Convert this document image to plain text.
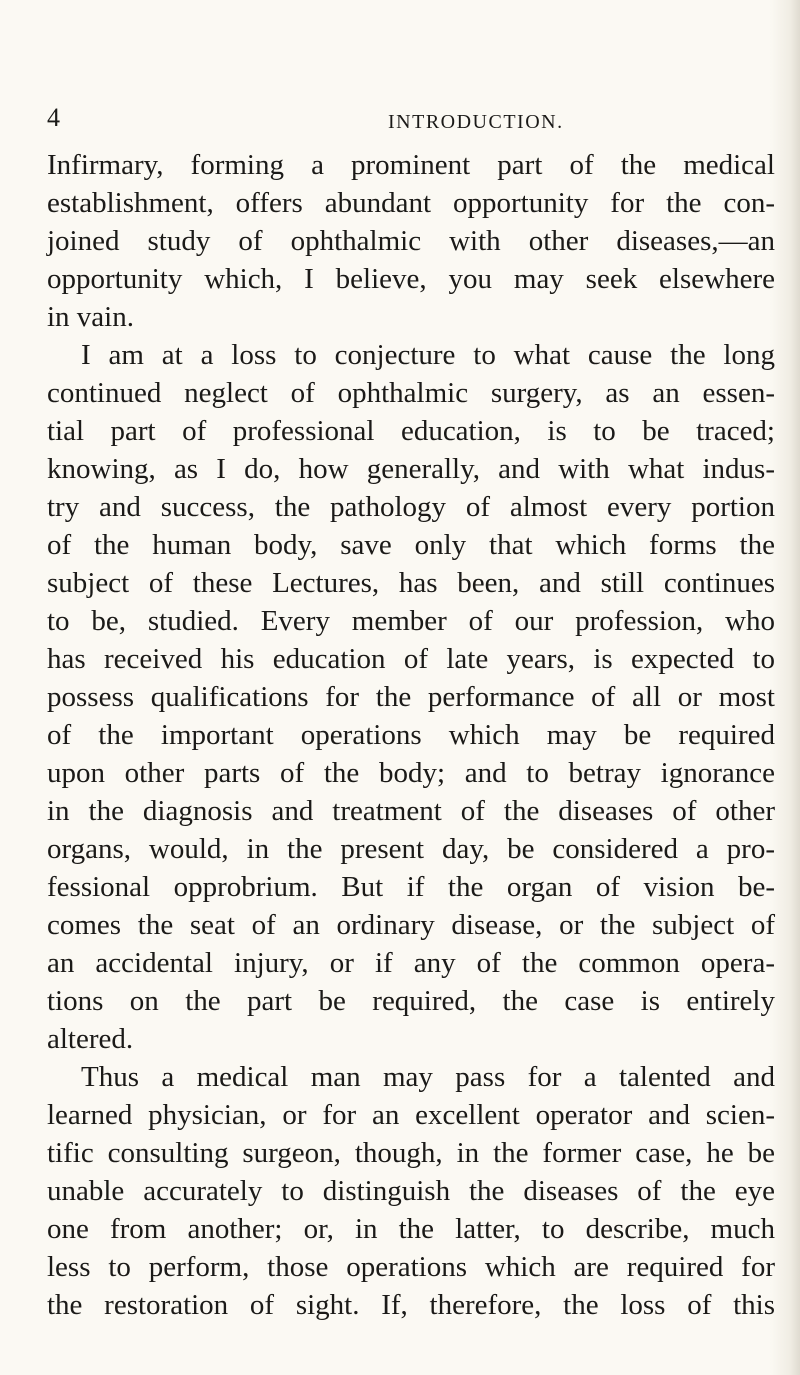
4	INTRODUCTION.
Infirmary, forming a prominent part of the medical
establishment, offers abundant opportunity for the con-
joined study of ophthalmic with other diseases,—an
opportunity which, I believe, you may seek elsewhere
in vain.
I am at a loss to conjecture to what cause the long
continued neglect of ophthalmic surgery, as an essen-
tial part of professional education, is to be traced;
knowing, as I do, how generally, and with what indus-
try and success, the pathology of almost every portion
of the human body, save only that which forms the
subject of these Lectures, has been, and still continues
to be, studied. Every member of our profession, who
has received his education of late years, is expected to
possess qualifications for the performance of all or most
of the important operations which may be required
upon other parts of the body; and to betray ignorance
in the diagnosis and treatment of the diseases of other
organs, would, in the present day, be considered a pro-
fessional opprobrium. But if the organ of vision be-
comes the seat of an ordinary disease, or the subject of
an accidental injury, or if any of the common opera-
tions on the part be required, the case is entirely
altered.
Thus a medical man may pass for a talented and
learned physician, or for an excellent operator and scien-
tific consulting surgeon, though, in the former case, he be
unable accurately to distinguish the diseases of the eye
one from another; or, in the latter, to describe, much
less to perform, those operations which are required for
the restoration of sight. If, therefore, the loss of this
